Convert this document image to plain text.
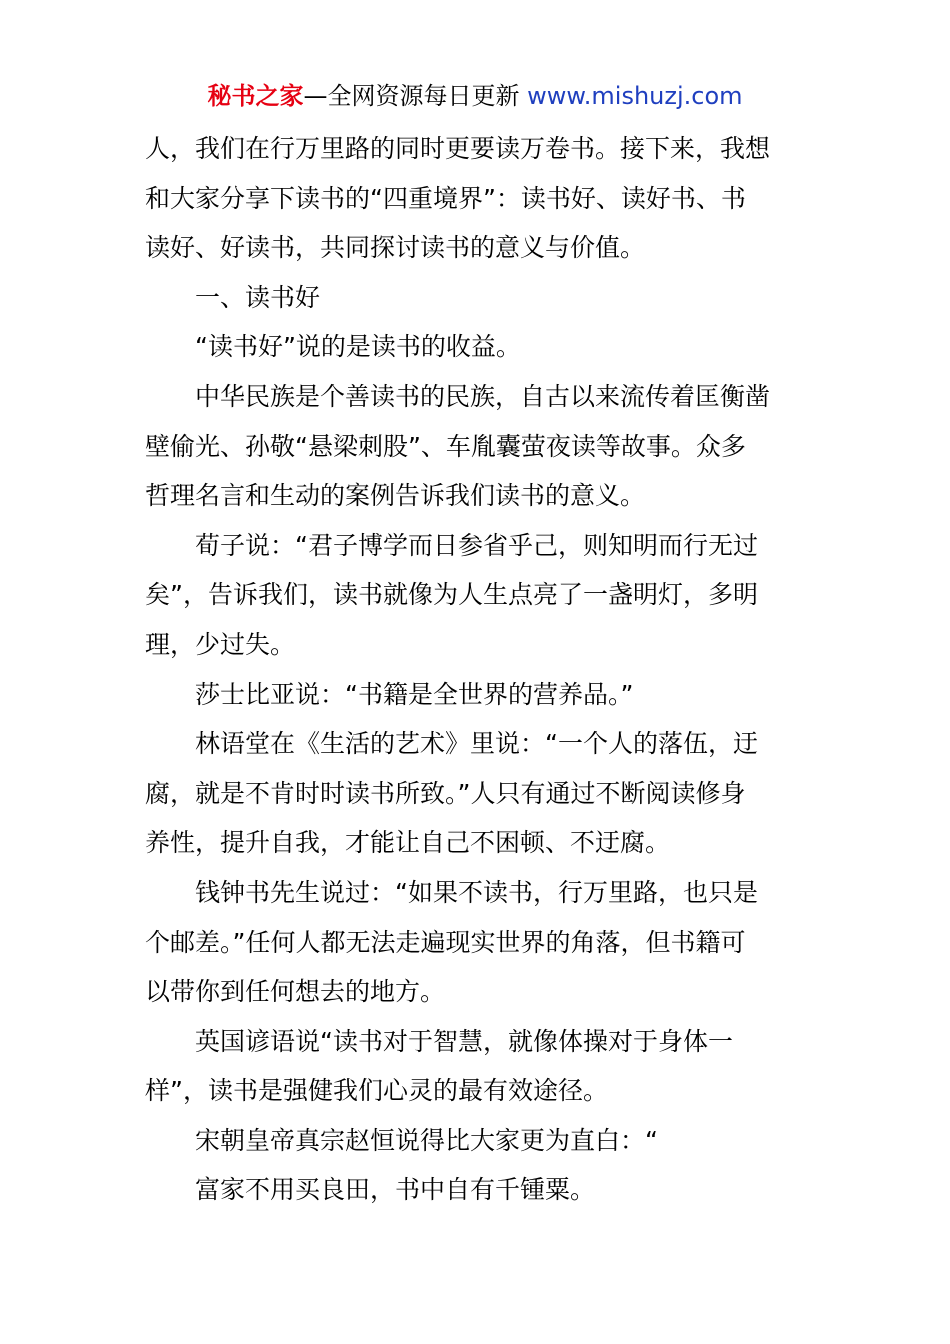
秘书之家—全网资源每日更新 www.mishuzj.com
人，我们在行万里路的同时更要读万卷书。接下来，我想
和大家分享下读书的“四重境界”：读书好、读好书、书
读好、好读书，共同探讨读书的意义与价值。
一、读书好
“读书好”说的是读书的收益。
中华民族是个善读书的民族，自古以来流传着匡衡凿
壁偷光、孙敬“悬梁刺股”、车胤囊萤夜读等故事。众多
哲理名言和生动的案例告诉我们读书的意义。
荀子说：“君子博学而日参省乎己，则知明而行无过
矣”，告诉我们，读书就像为人生点亮了一盏明灯，多明
理，少过失。
莎士比亚说：“书籍是全世界的营养品。”
林语堂在《生活的艺术》里说：“一个人的落伍，迂
腐，就是不肯时时读书所致。”人只有通过不断阅读修身
养性，提升自我，才能让自己不困顿、不迂腐。
钱钟书先生说过：“如果不读书，行万里路，也只是
个邮差。”任何人都无法走遍现实世界的角落，但书籍可
以带你到任何想去的地方。
英国谚语说“读书对于智慧，就像体操对于身体一
样”，读书是强健我们心灵的最有效途径。
宋朝皇帝真宗赵恒说得比大家更为直白：“
富家不用买良田，书中自有千锺粟。
